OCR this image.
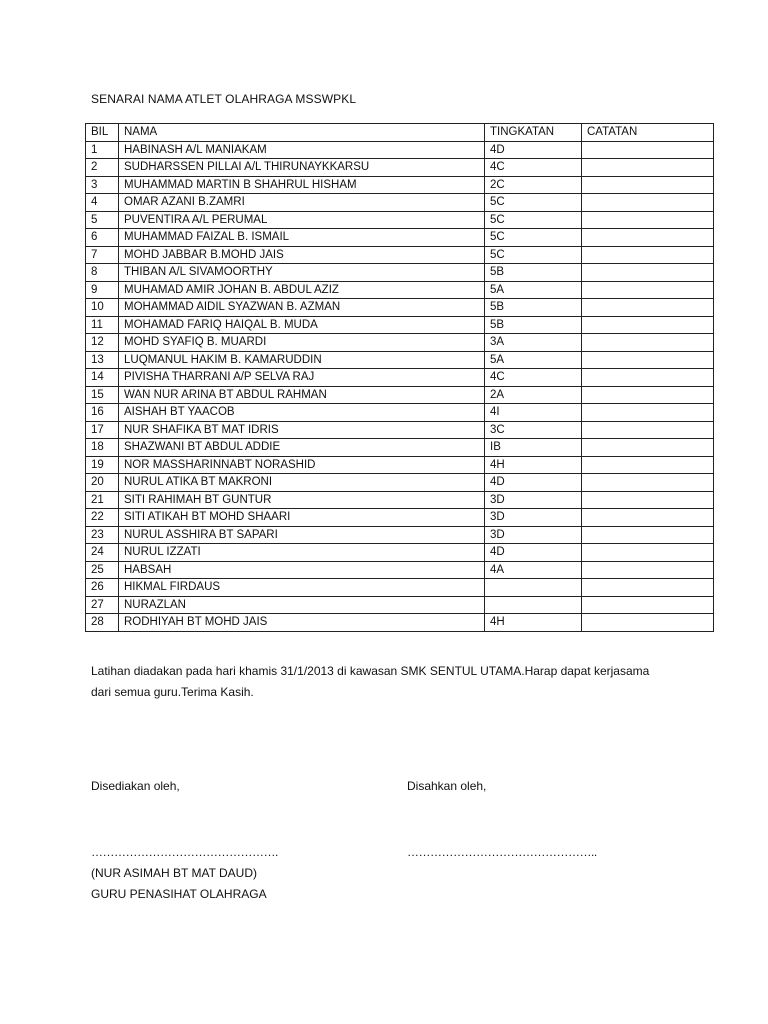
SENARAI NAMA ATLET OLAHRAGA MSSWPKL
BIL	NAMA	TINGKATAN	CATATAN
1	HABINASH A/L MANIAKAM	4D	
2	SUDHARSSEN PILLAI A/L THIRUNAYKKARSU	4C	
3	MUHAMMAD MARTIN B SHAHRUL HISHAM	2C	
4	OMAR AZANI B.ZAMRI	5C	
5	PUVENTIRA A/L PERUMAL	5C	
6	MUHAMMAD FAIZAL B. ISMAIL	5C	
7	MOHD JABBAR B.MOHD JAIS	5C	
8	THIBAN A/L SIVAMOORTHY	5B	
9	MUHAMAD AMIR JOHAN B. ABDUL AZIZ	5A	
10	MOHAMMAD AIDIL SYAZWAN B. AZMAN	5B	
11	MOHAMAD FARIQ HAIQAL B. MUDA	5B	
12	MOHD SYAFIQ B. MUARDI	3A	
13	LUQMANUL HAKIM B. KAMARUDDIN	5A	
14	PIVISHA THARRANI A/P SELVA RAJ	4C	
15	WAN NUR ARINA BT ABDUL RAHMAN	2A	
16	AISHAH BT YAACOB	4I	
17	NUR SHAFIKA BT MAT IDRIS	3C	
18	SHAZWANI BT ABDUL ADDIE	IB	
19	NOR MASSHARINNABT NORASHID	4H	
20	NURUL ATIKA BT MAKRONI	4D	
21	SITI RAHIMAH BT GUNTUR	3D	
22	SITI ATIKAH BT MOHD SHAARI	3D	
23	NURUL ASSHIRA BT SAPARI	3D	
24	NURUL IZZATI	4D	
25	HABSAH	4A	
26	HIKMAL FIRDAUS		
27	NURAZLAN		
28	RODHIYAH BT MOHD JAIS	4H	
Latihan diadakan pada hari khamis 31/1/2013 di kawasan SMK SENTUL UTAMA.Harap dapat kerjasama
dari semua guru.Terima Kasih.
Disediakan oleh,
………………………………………….
(NUR ASIMAH BT MAT DAUD)
GURU PENASIHAT OLAHRAGA
Disahkan oleh,
…………………………………………..
